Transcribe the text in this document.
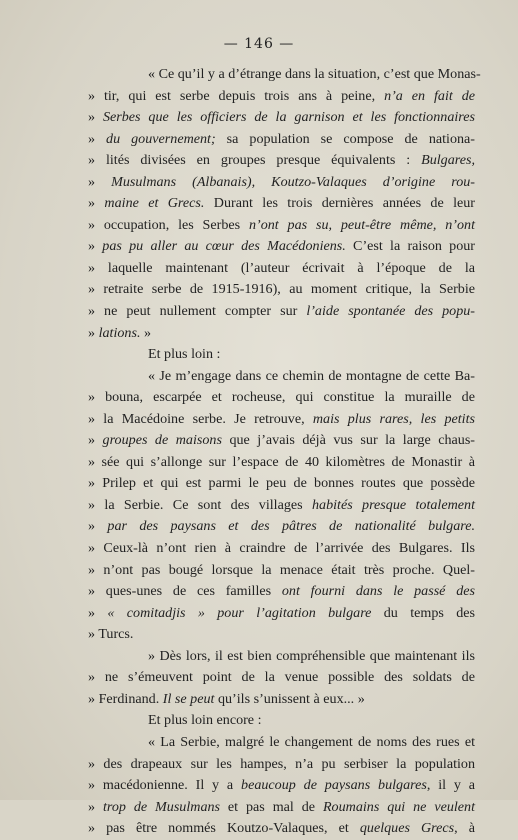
— 146 —
« Ce qu’il y a d’étrange dans la situation, c’est que Monas-
» tir, qui est serbe depuis trois ans à peine, n’a en fait de
» Serbes que les officiers de la garnison et les fonctionnaires
» du gouvernement; sa population se compose de nationa-
» lités divisées en groupes presque équivalents : Bulgares,
» Musulmans (Albanais), Koutzo-Valaques d’origine rou-
» maine et Grecs. Durant les trois dernières années de leur
» occupation, les Serbes n’ont pas su, peut-être même, n’ont
» pas pu aller au cœur des Macédoniens. C’est la raison pour
» laquelle maintenant (l’auteur écrivait à l’époque de la
» retraite serbe de 1915-1916), au moment critique, la Serbie
» ne peut nullement compter sur l’aide spontanée des popu-
» lations. »
Et plus loin :
« Je m’engage dans ce chemin de montagne de cette Ba-
» bouna, escarpée et rocheuse, qui constitue la muraille de
» la Macédoine serbe. Je retrouve, mais plus rares, les petits
» groupes de maisons que j’avais déjà vus sur la large chaus-
» sée qui s’allonge sur l’espace de 40 kilomètres de Monastir à
» Prilep et qui est parmi le peu de bonnes routes que possède
» la Serbie. Ce sont des villages habités presque totalement
» par des paysans et des pâtres de nationalité bulgare.
» Ceux-là n’ont rien à craindre de l’arrivée des Bulgares. Ils
» n’ont pas bougé lorsque la menace était très proche. Quel-
» ques-unes de ces familles ont fourni dans le passé des
» « comitadjis » pour l’agitation bulgare du temps des
» Turcs.
» Dès lors, il est bien compréhensible que maintenant ils
» ne s’émeuvent point de la venue possible des soldats de
» Ferdinand. Il se peut qu’ils s’unissent à eux... »
Et plus loin encore :
« La Serbie, malgré le changement de noms des rues et
» des drapeaux sur les hampes, n’a pu serbiser la population
» macédonienne. Il y a beaucoup de paysans bulgares, il y a
» trop de Musulmans et pas mal de Roumains qui ne veulent
» pas être nommés Koutzo-Valaques, et quelques Grecs, à
